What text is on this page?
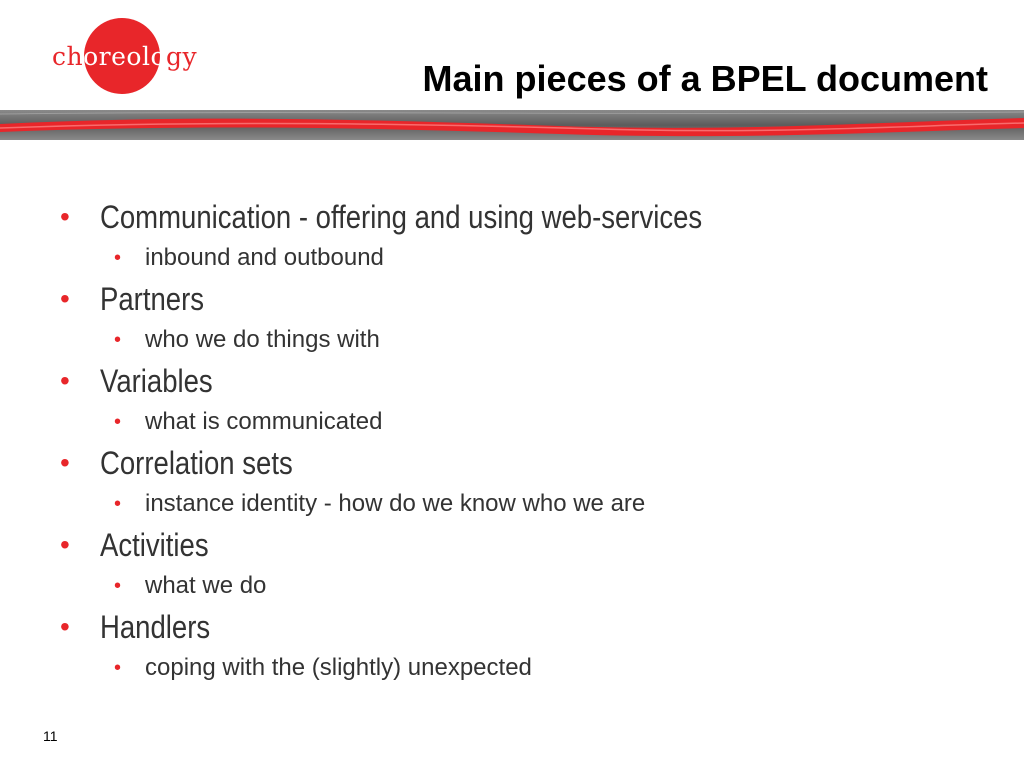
choreology
Main pieces of a BPEL document
• Communication - offering and using web-services
• inbound and outbound
• Partners
• who we do things with
• Variables
• what is communicated
• Correlation sets
• instance identity - how do we know who we are
• Activities
• what we do
• Handlers
• coping with the (slightly) unexpected
11
